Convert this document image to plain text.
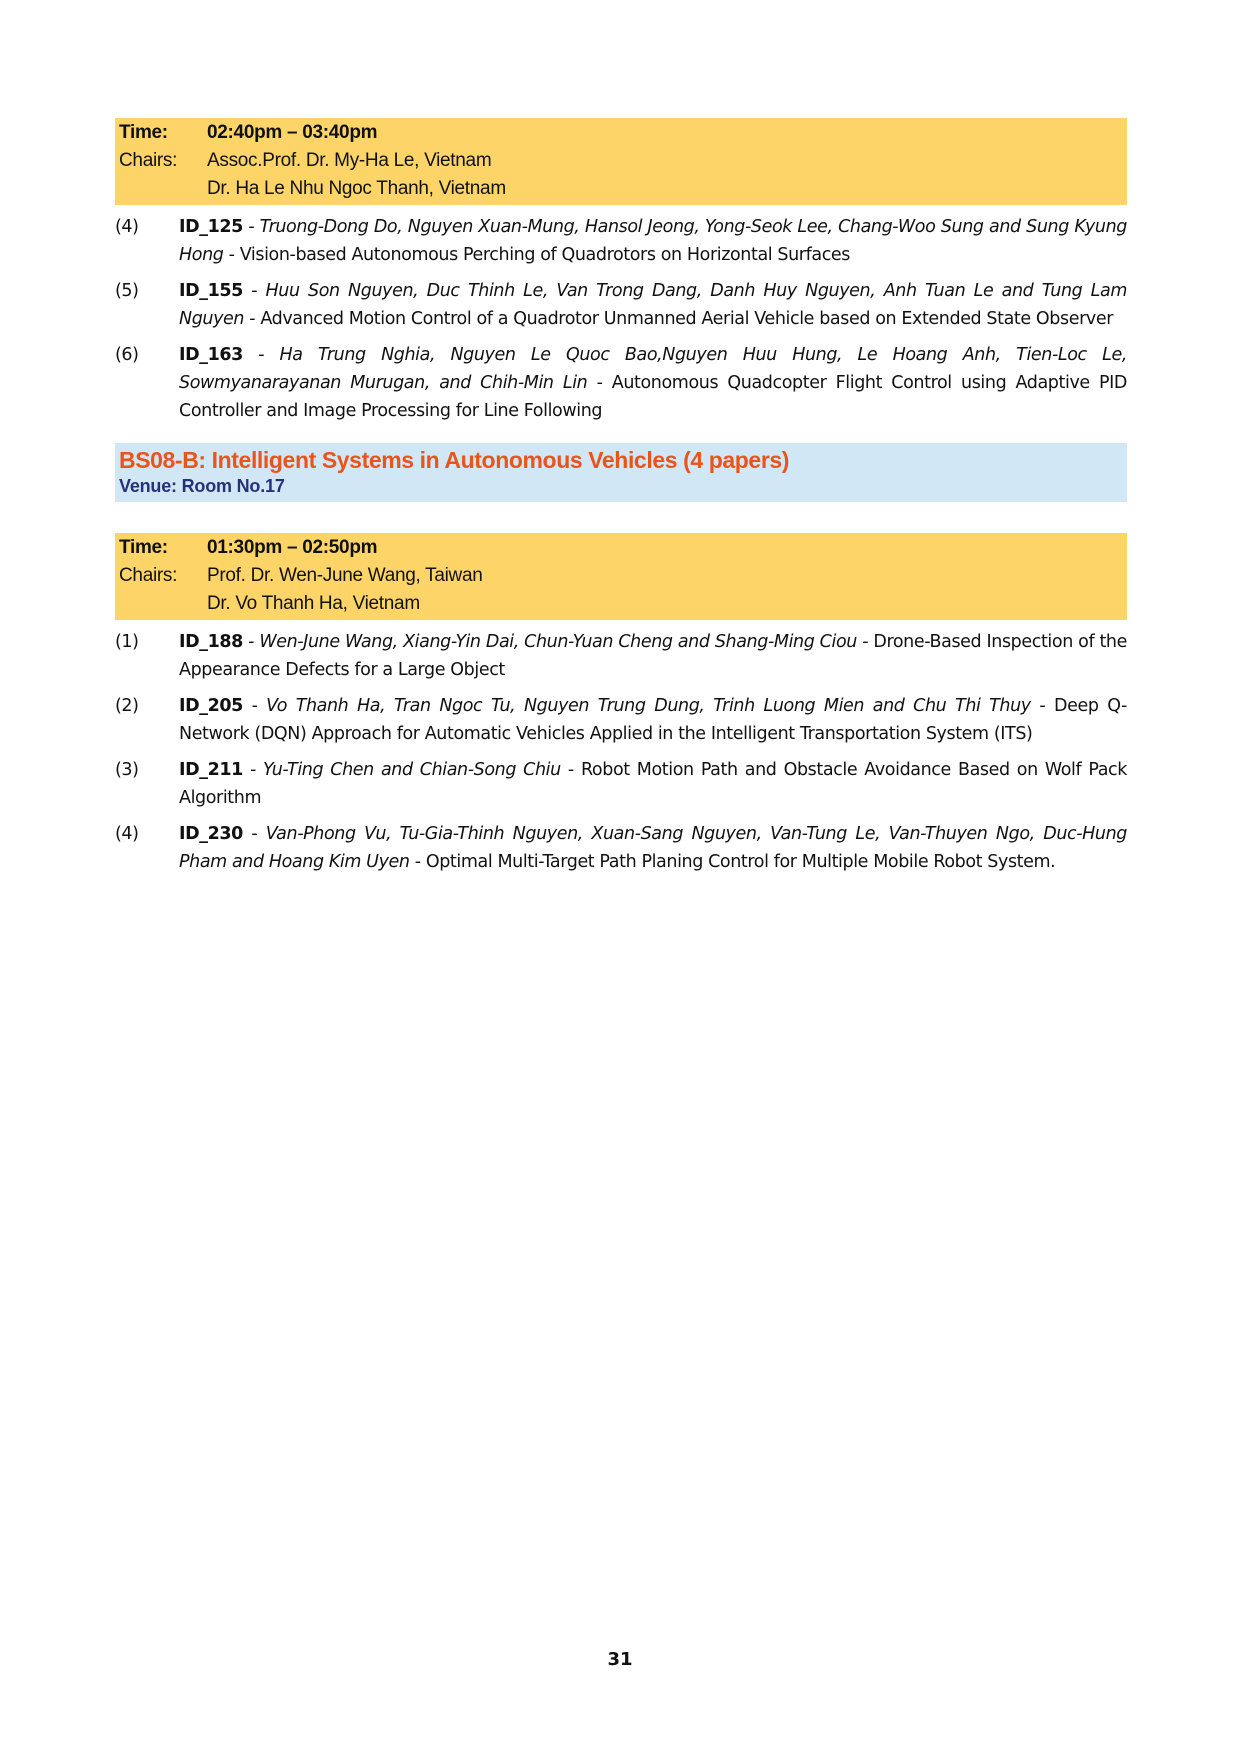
Time:	02:40pm – 03:40pm
Chairs:	Assoc.Prof. Dr. My-Ha Le, Vietnam
Dr. Ha Le Nhu Ngoc Thanh, Vietnam
(4)	ID_125 - Truong-Dong Do, Nguyen Xuan-Mung, Hansol Jeong, Yong-Seok Lee, Chang-Woo Sung and Sung Kyung Hong - Vision-based Autonomous Perching of Quadrotors on Horizontal Surfaces
(5)	ID_155 - Huu Son Nguyen, Duc Thinh Le, Van Trong Dang, Danh Huy Nguyen, Anh Tuan Le and Tung Lam Nguyen - Advanced Motion Control of a Quadrotor Unmanned Aerial Vehicle based on Extended State Observer
(6)	ID_163 - Ha Trung Nghia, Nguyen Le Quoc Bao,Nguyen Huu Hung, Le Hoang Anh, Tien-Loc Le, Sowmyanarayanan Murugan, and Chih-Min Lin - Autonomous Quadcopter Flight Control using Adaptive PID Controller and Image Processing for Line Following
BS08-B: Intelligent Systems in Autonomous Vehicles (4 papers)
Venue: Room No.17
Time:	01:30pm – 02:50pm
Chairs:	Prof. Dr. Wen-June Wang, Taiwan
Dr. Vo Thanh Ha, Vietnam
(1)	ID_188 - Wen-June Wang, Xiang-Yin Dai, Chun-Yuan Cheng and Shang-Ming Ciou - Drone-Based Inspection of the Appearance Defects for a Large Object
(2)	ID_205 - Vo Thanh Ha, Tran Ngoc Tu, Nguyen Trung Dung, Trinh Luong Mien and Chu Thi Thuy - Deep Q-Network (DQN) Approach for Automatic Vehicles Applied in the Intelligent Transportation System (ITS)
(3)	ID_211 - Yu-Ting Chen and Chian-Song Chiu - Robot Motion Path and Obstacle Avoidance Based on Wolf Pack Algorithm
(4)	ID_230 - Van-Phong Vu, Tu-Gia-Thinh Nguyen, Xuan-Sang Nguyen, Van-Tung Le, Van-Thuyen Ngo, Duc-Hung Pham and Hoang Kim Uyen - Optimal Multi-Target Path Planing Control for Multiple Mobile Robot System.
31
